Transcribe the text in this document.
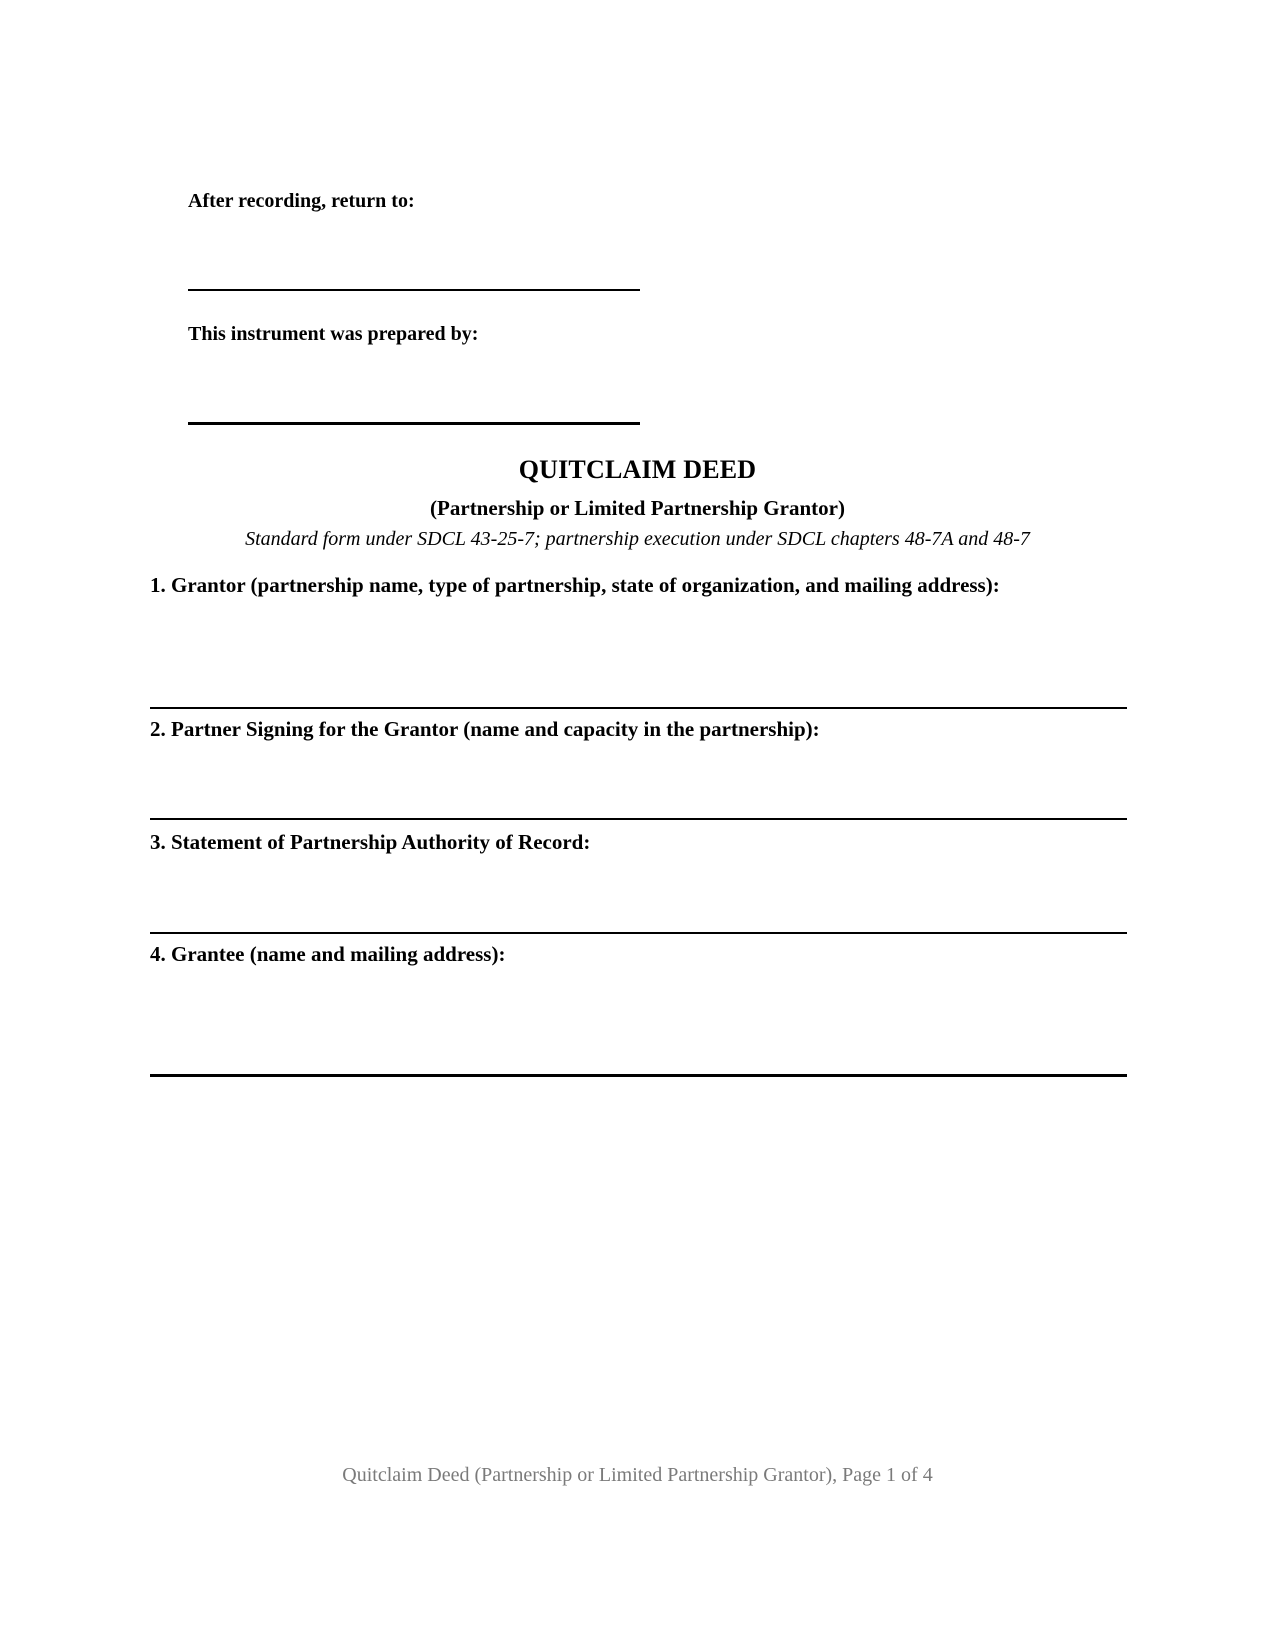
After recording, return to:
This instrument was prepared by:
QUITCLAIM DEED
(Partnership or Limited Partnership Grantor)
Standard form under SDCL 43-25-7; partnership execution under SDCL chapters 48-7A and 48-7
1. Grantor (partnership name, type of partnership, state of organization, and mailing address):
2. Partner Signing for the Grantor (name and capacity in the partnership):
3. Statement of Partnership Authority of Record:
4. Grantee (name and mailing address):
Quitclaim Deed (Partnership or Limited Partnership Grantor), Page 1 of 4
